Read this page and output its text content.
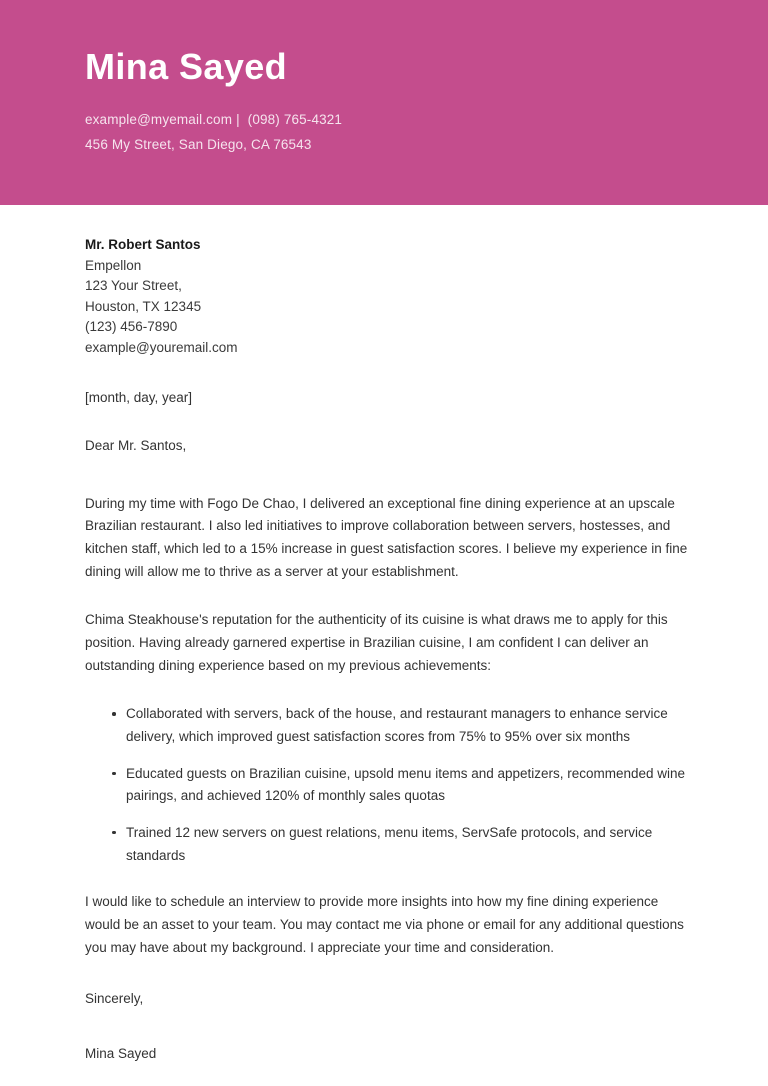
Mina Sayed
example@myemail.com | (098) 765-4321
456 My Street, San Diego, CA 76543
Mr. Robert Santos
Empellon
123 Your Street,
Houston, TX 12345
(123) 456-7890
example@youremail.com
[month, day, year]
Dear Mr. Santos,
During my time with Fogo De Chao, I delivered an exceptional fine dining experience at an upscale Brazilian restaurant. I also led initiatives to improve collaboration between servers, hostesses, and kitchen staff, which led to a 15% increase in guest satisfaction scores. I believe my experience in fine dining will allow me to thrive as a server at your establishment.
Chima Steakhouse's reputation for the authenticity of its cuisine is what draws me to apply for this position. Having already garnered expertise in Brazilian cuisine, I am confident I can deliver an outstanding dining experience based on my previous achievements:
Collaborated with servers, back of the house, and restaurant managers to enhance service delivery, which improved guest satisfaction scores from 75% to 95% over six months
Educated guests on Brazilian cuisine, upsold menu items and appetizers, recommended wine pairings, and achieved 120% of monthly sales quotas
Trained 12 new servers on guest relations, menu items, ServSafe protocols, and service standards
I would like to schedule an interview to provide more insights into how my fine dining experience would be an asset to your team. You may contact me via phone or email for any additional questions you may have about my background. I appreciate your time and consideration.
Sincerely,
Mina Sayed
